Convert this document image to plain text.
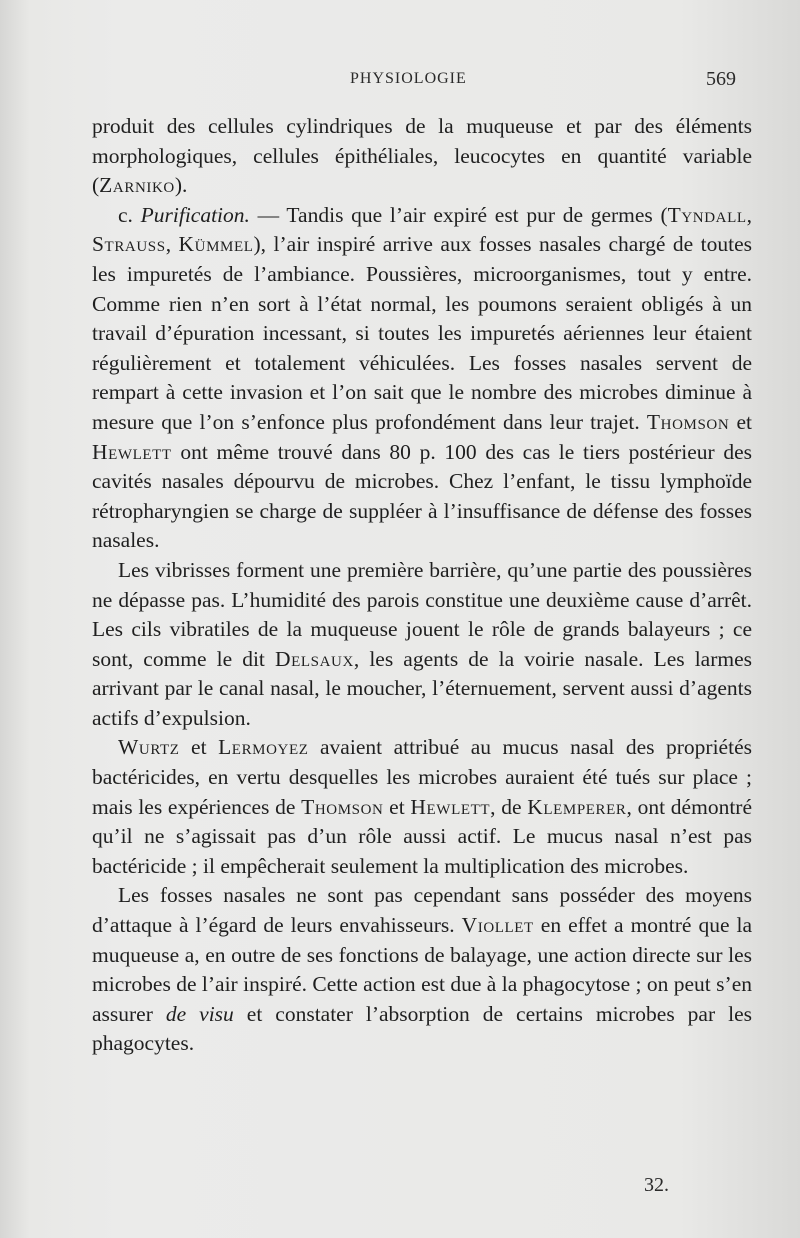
PHYSIOLOGIE	569

produit des cellules cylindriques de la muqueuse et par des éléments morphologiques, cellules épithéliales, leucocytes en quantité variable (Zarniko).

c. Purification. — Tandis que l’air expiré est pur de germes (Tyndall, Strauss, Kümmel), l’air inspiré arrive aux fosses nasales chargé de toutes les impuretés de l’ambiance. Poussières, microorganismes, tout y entre. Comme rien n’en sort à l’état normal, les poumons seraient obligés à un travail d’épuration incessant, si toutes les impuretés aériennes leur étaient régulièrement et totalement véhiculées. Les fosses nasales servent de rempart à cette invasion et l’on sait que le nombre des microbes diminue à mesure que l’on s’enfonce plus profondément dans leur trajet. Thomson et Hewlett ont même trouvé dans 80 p. 100 des cas le tiers postérieur des cavités nasales dépourvu de microbes. Chez l’enfant, le tissu lymphoïde rétropharyngien se charge de suppléer à l’insuffisance de défense des fosses nasales.

Les vibrisses forment une première barrière, qu’une partie des poussières ne dépasse pas. L’humidité des parois constitue une deuxième cause d’arrêt. Les cils vibratiles de la muqueuse jouent le rôle de grands balayeurs ; ce sont, comme le dit Delsaux, les agents de la voirie nasale. Les larmes arrivant par le canal nasal, le moucher, l’éternuement, servent aussi d’agents actifs d’expulsion.

Wurtz et Lermoyez avaient attribué au mucus nasal des propriétés bactéricides, en vertu desquelles les microbes auraient été tués sur place ; mais les expériences de Thomson et Hewlett, de Klemperer, ont démontré qu’il ne s’agissait pas d’un rôle aussi actif. Le mucus nasal n’est pas bactéricide ; il empêcherait seulement la multiplication des microbes.

Les fosses nasales ne sont pas cependant sans posséder des moyens d’attaque à l’égard de leurs envahisseurs. Viollet en effet a montré que la muqueuse a, en outre de ses fonctions de balayage, une action directe sur les microbes de l’air inspiré. Cette action est due à la phagocytose ; on peut s’en assurer de visu et constater l’absorption de certains microbes par les phagocytes.

32.
